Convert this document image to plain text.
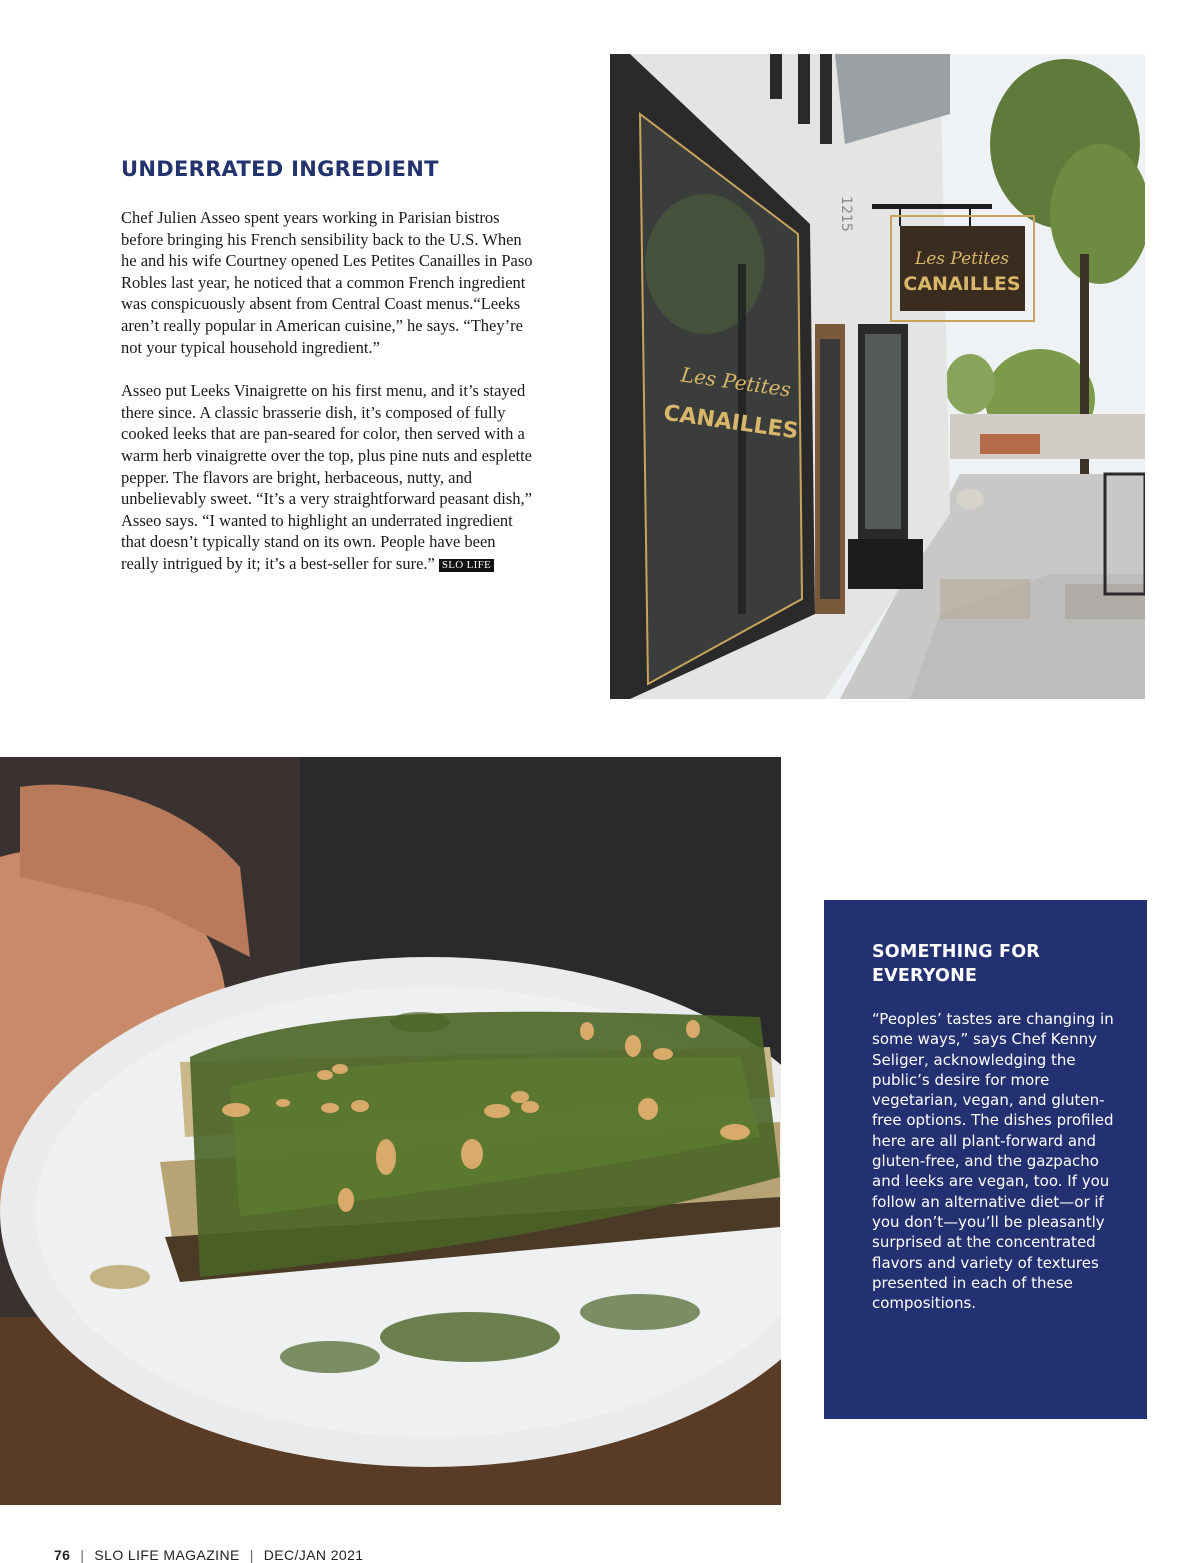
UNDERRATED INGREDIENT

Chef Julien Asseo spent years working in Parisian bistros before bringing his French sensibility back to the U.S. When he and his wife Courtney opened Les Petites Canailles in Paso Robles last year, he noticed that a common French ingredient was conspicuously absent from Central Coast menus.“Leeks aren’t really popular in American cuisine,” he says. “They’re not your typical household ingredient.”

Asseo put Leeks Vinaigrette on his first menu, and it’s stayed there since. A classic brasserie dish, it’s composed of fully cooked leeks that are pan-seared for color, then served with a warm herb vinaigrette over the top, plus pine nuts and esplette pepper. The flavors are bright, herbaceous, nutty, and unbelievably sweet. “It’s a very straightforward peasant dish,” Asseo says. “I wanted to highlight an underrated ingredient that doesn’t typically stand on its own. People have been really intrigued by it; it’s a best-seller for sure.” SLO LIFE

Les Petites
CANAILLES
1215
Les Petites
CANAILLES
SOMETHING FOR
EVERYONE

“Peoples’ tastes are changing in some ways,” says Chef Kenny Seliger, acknowledging the public’s desire for more vegetarian, vegan, and gluten-free options. The dishes profiled here are all plant-forward and gluten-free, and the gazpacho and leeks are vegan, too. If you follow an alternative diet—or if you don’t—you’ll be pleasantly surprised at the concentrated flavors and variety of textures presented in each of these compositions.

76 | SLO LIFE MAGAZINE | DEC/JAN 2021
